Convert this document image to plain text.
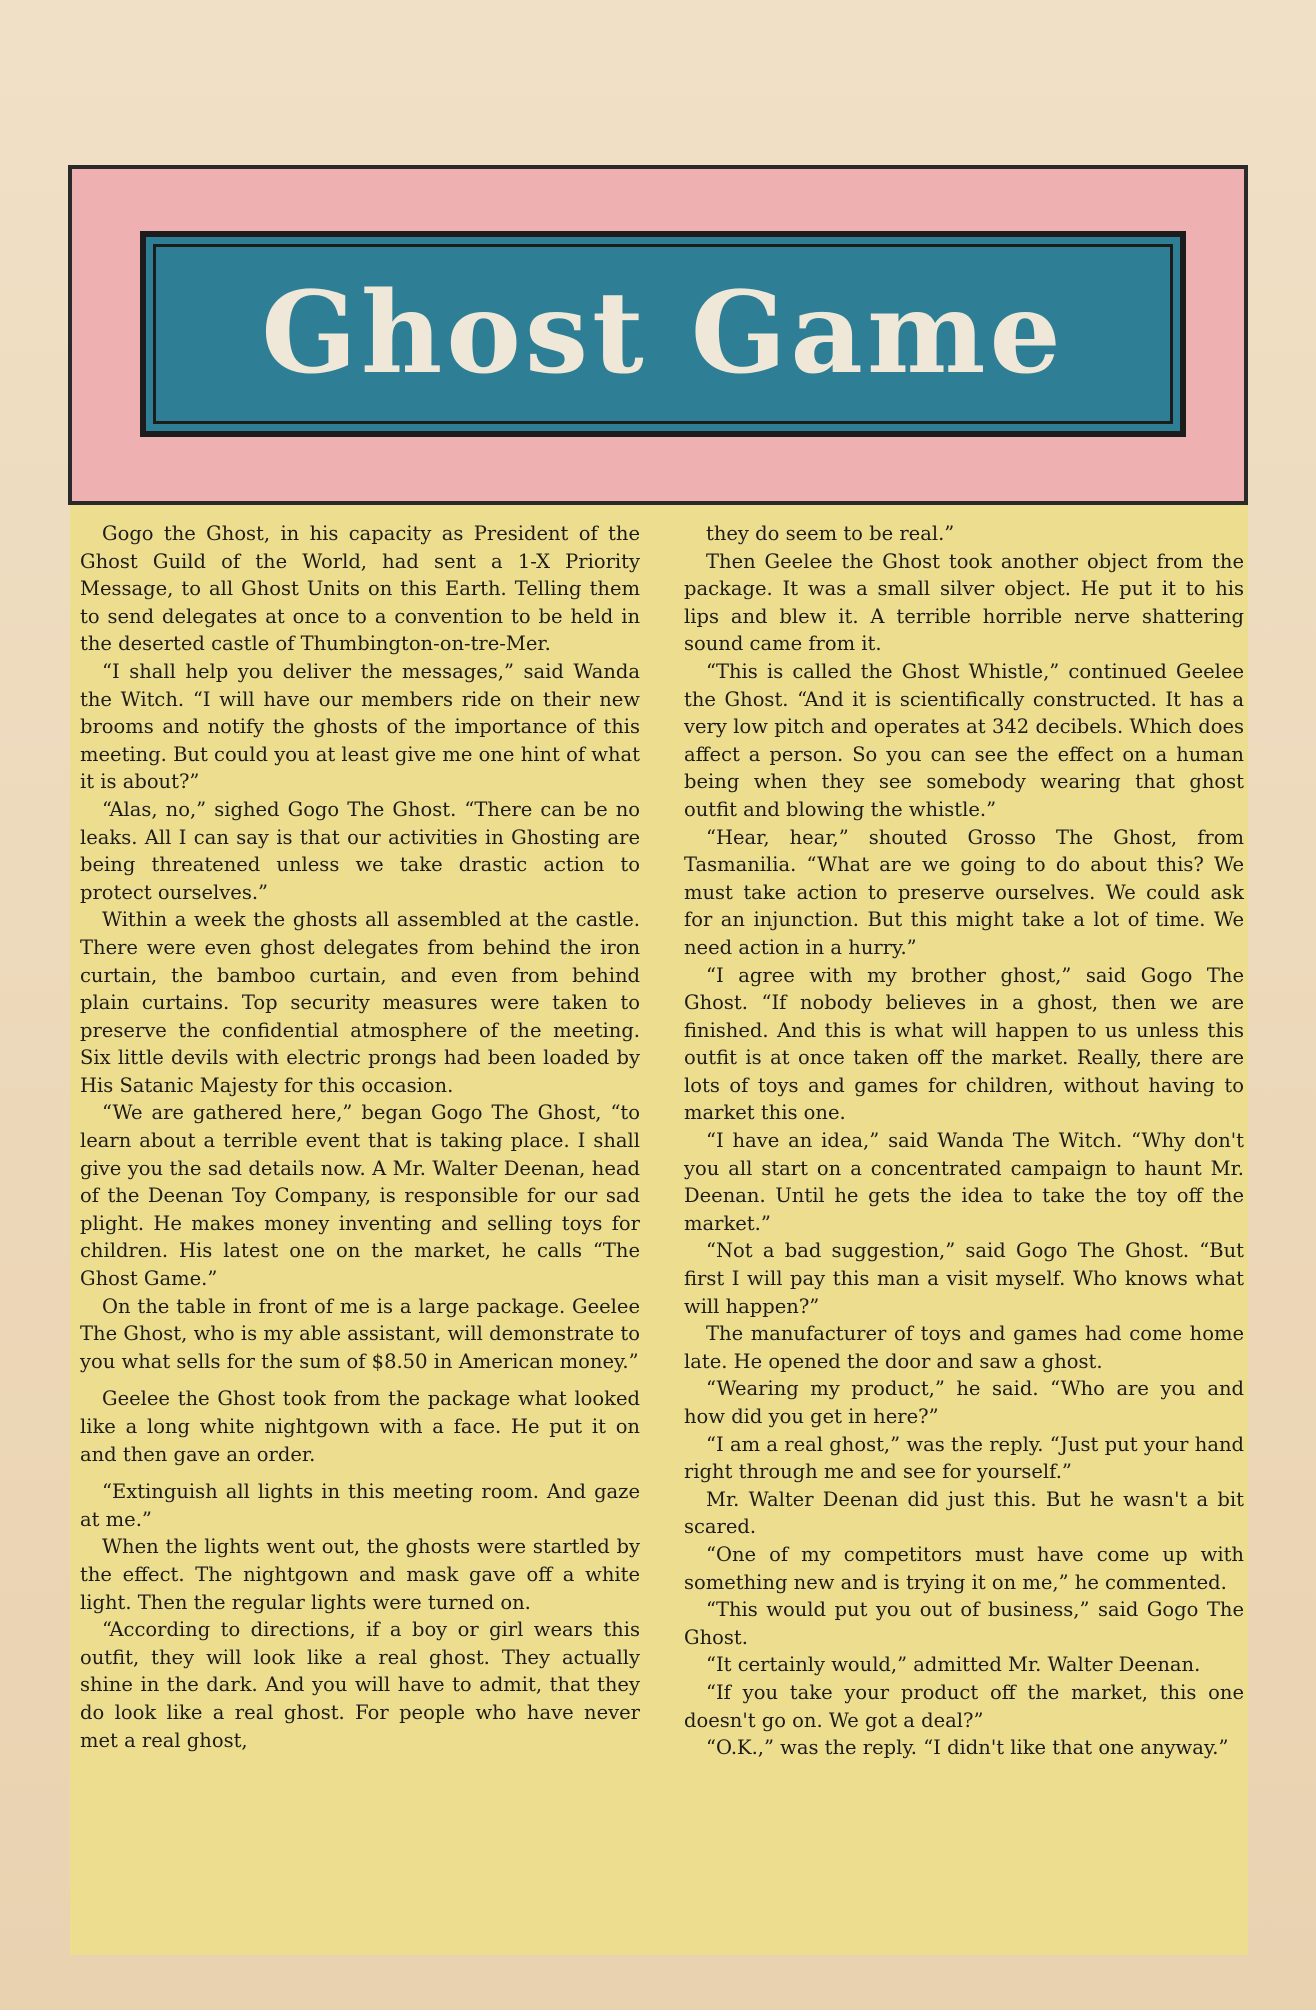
Ghost Game

Gogo the Ghost, in his capacity as President of the Ghost Guild of the World, had sent a 1-X Priority Message, to all Ghost Units on this Earth. Telling them to send delegates at once to a convention to be held in the deserted castle of Thumbington-on-tre-Mer.

“I shall help you deliver the messages,” said Wanda the Witch. “I will have our members ride on their new brooms and notify the ghosts of the importance of this meeting. But could you at least give me one hint of what it is about?”

“Alas, no,” sighed Gogo The Ghost. “There can be no leaks. All I can say is that our activities in Ghosting are being threatened unless we take drastic action to protect ourselves.”

Within a week the ghosts all assembled at the castle. There were even ghost delegates from behind the iron curtain, the bamboo curtain, and even from behind plain curtains. Top security measures were taken to preserve the confidential atmosphere of the meeting. Six little devils with electric prongs had been loaded by His Satanic Majesty for this occasion.

“We are gathered here,” began Gogo The Ghost, “to learn about a terrible event that is taking place. I shall give you the sad details now. A Mr. Walter Deenan, head of the Deenan Toy Company, is responsible for our sad plight. He makes money inventing and selling toys for children. His latest one on the market, he calls “The Ghost Game.”

On the table in front of me is a large package. Geelee The Ghost, who is my able assistant, will demonstrate to you what sells for the sum of $8.50 in American money.”

Geelee the Ghost took from the package what looked like a long white nightgown with a face. He put it on and then gave an order.

“Extinguish all lights in this meeting room. And gaze at me.”

When the lights went out, the ghosts were startled by the effect. The nightgown and mask gave off a white light. Then the regular lights were turned on.

“According to directions, if a boy or girl wears this outfit, they will look like a real ghost. They actually shine in the dark. And you will have to admit, that they do look like a real ghost. For people who have never met a real ghost,

they do seem to be real.”

Then Geelee the Ghost took another object from the package. It was a small silver object. He put it to his lips and blew it. A terrible horrible nerve shattering sound came from it.

“This is called the Ghost Whistle,” continued Geelee the Ghost. “And it is scientifically constructed. It has a very low pitch and operates at 342 decibels. Which does affect a person. So you can see the effect on a human being when they see somebody wearing that ghost outfit and blowing the whistle.”

“Hear, hear,” shouted Grosso The Ghost, from Tasmanilia. “What are we going to do about this? We must take action to preserve ourselves. We could ask for an injunction. But this might take a lot of time. We need action in a hurry.”

“I agree with my brother ghost,” said Gogo The Ghost. “If nobody believes in a ghost, then we are finished. And this is what will happen to us unless this outfit is at once taken off the market. Really, there are lots of toys and games for children, without having to market this one.

“I have an idea,” said Wanda The Witch. “Why don't you all start on a concentrated campaign to haunt Mr. Deenan. Until he gets the idea to take the toy off the market.”

“Not a bad suggestion,” said Gogo The Ghost. “But first I will pay this man a visit myself. Who knows what will happen?”

The manufacturer of toys and games had come home late. He opened the door and saw a ghost.

“Wearing my product,” he said. “Who are you and how did you get in here?”

“I am a real ghost,” was the reply. “Just put your hand right through me and see for yourself.”

Mr. Walter Deenan did just this. But he wasn't a bit scared.

“One of my competitors must have come up with something new and is trying it on me,” he commented.

“This would put you out of business,” said Gogo The Ghost.

“It certainly would,” admitted Mr. Walter Deenan.

“If you take your product off the market, this one doesn't go on. We got a deal?”

“O.K.,” was the reply. “I didn't like that one anyway.”
